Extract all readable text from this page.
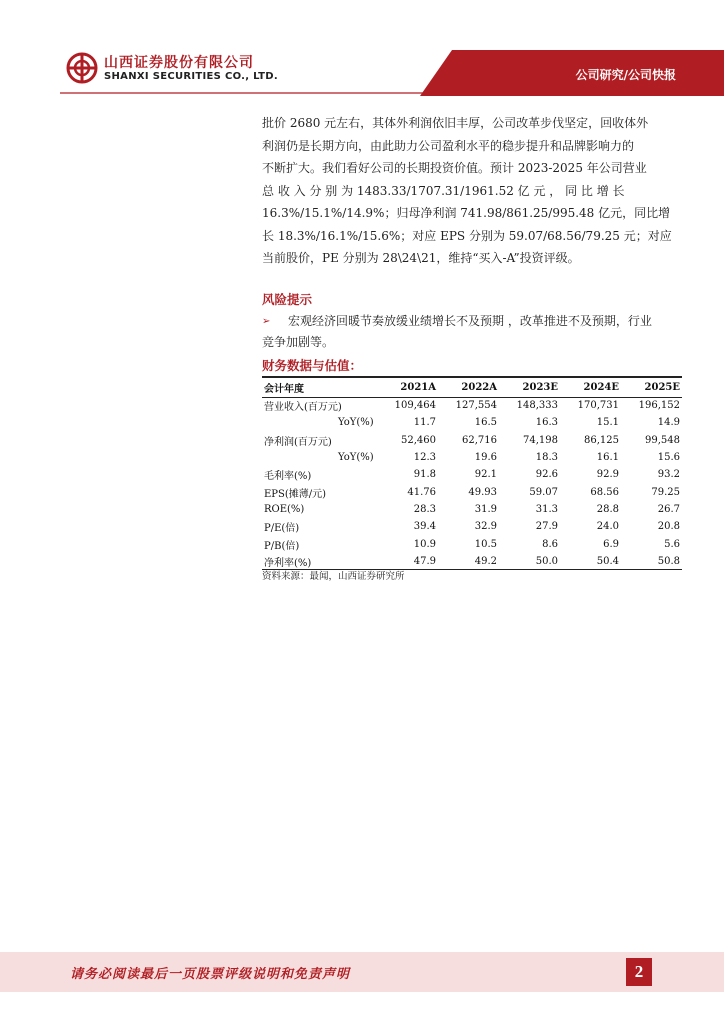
山西证券股份有限公司
SHANXI SECURITIES CO., LTD.	公司研究/公司快报
批价 2680 元左右，其体外利润依旧丰厚，公司改革步伐坚定，回收体外
利润仍是长期方向，由此助力公司盈利水平的稳步提升和品牌影响力的
不断扩大。我们看好公司的长期投资价值。预计 2023-2025 年公司营业
总 收 入 分 别 为 1483.33/1707.31/1961.52 亿 元 ， 同 比 增 长
16.3%/15.1%/14.9%；归母净利润 741.98/861.25/995.48 亿元，同比增
长 18.3%/16.1%/15.6%；对应 EPS 分别为 59.07/68.56/79.25 元；对应
当前股价，PE 分别为 28\24\21，维持“买入-A”投资评级。
风险提示
➢	宏观经济回暖节奏放缓业绩增长不及预期 ，改革推进不及预期，行业
竞争加剧等。
财务数据与估值：
会计年度	2021A	2022A	2023E	2024E	2025E
营业收入(百万元)	109,464	127,554	148,333	170,731	196,152
YoY(%)	11.7	16.5	16.3	15.1	14.9
净利润(百万元)	52,460	62,716	74,198	86,125	99,548
YoY(%)	12.3	19.6	18.3	16.1	15.6
毛利率(%)	91.8	92.1	92.6	92.9	93.2
EPS(摊薄/元)	41.76	49.93	59.07	68.56	79.25
ROE(%)	28.3	31.9	31.3	28.8	26.7
P/E(倍)	39.4	32.9	27.9	24.0	20.8
P/B(倍)	10.9	10.5	8.6	6.9	5.6
净利率(%)	47.9	49.2	50.0	50.4	50.8
资料来源：最闻，山西证券研究所
请务必阅读最后一页股票评级说明和免责声明	2
